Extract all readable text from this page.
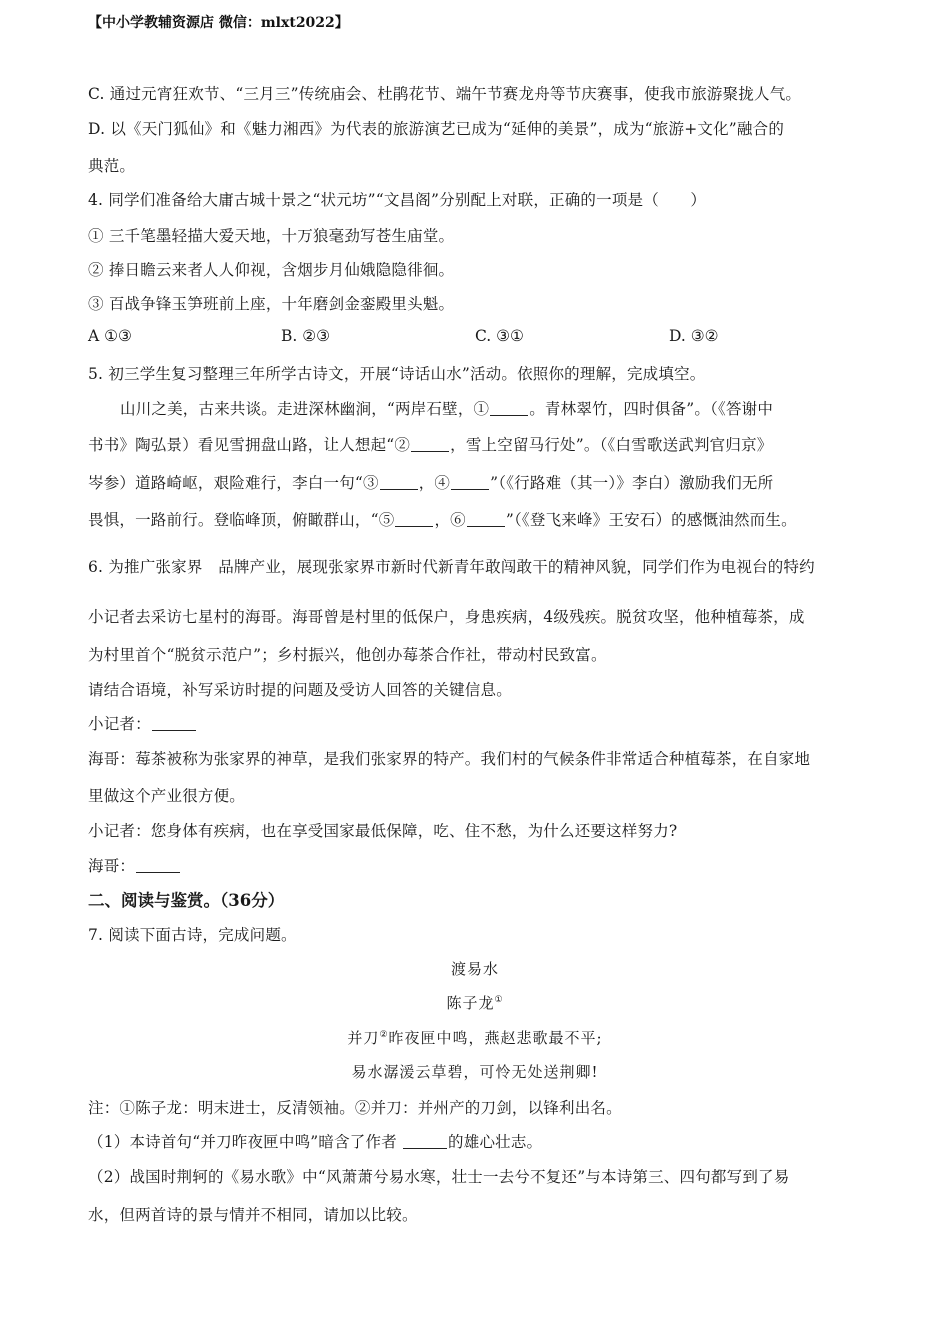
【中小学教辅资源店 微信：mlxt2022】
C. 通过元宵狂欢节、“三月三”传统庙会、杜鹃花节、端午节赛龙舟等节庆赛事，使我市旅游聚拢人气。
D. 以《天门狐仙》和《魅力湘西》为代表的旅游演艺已成为“延伸的美景”，成为“旅游+文化”融合的
典范。
4. 同学们准备给大庸古城十景之“状元坊”“文昌阁”分别配上对联，正确的一项是（　　）
① 三千笔墨轻描大爱天地，十万狼毫劲写苍生庙堂。
② 捧日瞻云来者人人仰视，含烟步月仙娥隐隐徘徊。
③ 百战争锋玉笋班前上座，十年磨剑金銮殿里头魁。
A ①③	B. ②③	C. ③①	D. ③②
5. 初三学生复习整理三年所学古诗文，开展“诗话山水”活动。依照你的理解，完成填空。
山川之美，古来共谈。走进深林幽涧，“两岸石壁，①	。青林翠竹，四时俱备”。（《答谢中
书书》陶弘景）看见雪拥盘山路，让人想起“②	，雪上空留马行处”。（《白雪歌送武判官归京》
岑参）道路崎岖，艰险难行，李白一句“③	，④	”（《行路难（其一）》李白）激励我们无所
畏惧，一路前行。登临峰顶，俯瞰群山，“⑤	，⑥	”（《登飞来峰》王安石）的感慨油然而生。
6. 为推广张家界　品牌产业，展现张家界市新时代新青年敢闯敢干的精神风貌，同学们作为电视台的特约
小记者去采访七星村的海哥。海哥曾是村里的低保户，身患疾病，4级残疾。脱贫攻坚，他种植莓茶，成
为村里首个“脱贫示范户”；乡村振兴，他创办莓茶合作社，带动村民致富。
请结合语境，补写采访时提的问题及受访人回答的关键信息。
小记者：
海哥：莓茶被称为张家界的神草，是我们张家界的特产。我们村的气候条件非常适合种植莓茶，在自家地
里做这个产业很方便。
小记者：您身体有疾病，也在享受国家最低保障，吃、住不愁，为什么还要这样努力?
海哥：
二、阅读与鉴赏。（36分）
7. 阅读下面古诗，完成问题。
渡易水
陈子龙①
并刀②昨夜匣中鸣，燕赵悲歌最不平;
易水潺湲云草碧，可怜无处送荆卿!
注：①陈子龙：明末进士，反清领袖。②并刀：并州产的刀剑，以锋利出名。
（1）本诗首句“并刀昨夜匣中鸣”暗含了作者	的雄心壮志。
（2）战国时荆轲的《易水歌》中“风萧萧兮易水寒，壮士一去兮不复还”与本诗第三、四句都写到了易
水，但两首诗的景与情并不相同，请加以比较。
